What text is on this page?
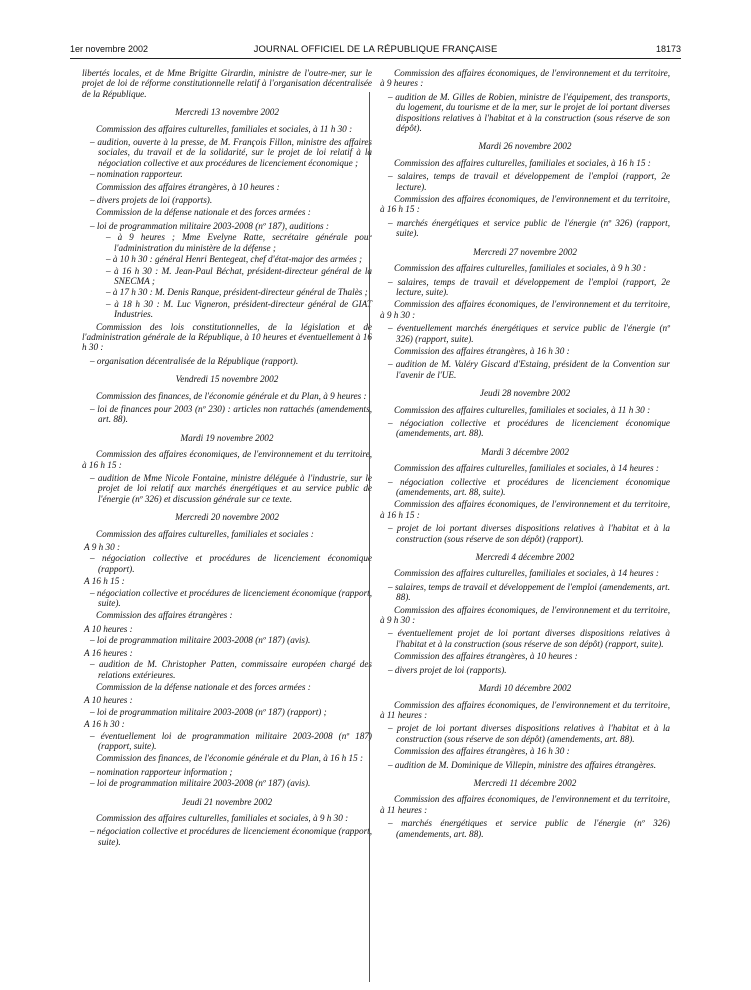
1er novembre 2002	JOURNAL OFFICIEL DE LA RÉPUBLIQUE FRANÇAISE	18173
libertés locales, et de Mme Brigitte Girardin, ministre de l'outre-mer, sur le projet de loi de réforme constitutionnelle relatif à l'organisation décentralisée de la République.
Mercredi 13 novembre 2002
Commission des affaires culturelles, familiales et sociales, à 11 h 30 :
– audition, ouverte à la presse, de M. François Fillon, ministre des affaires sociales, du travail et de la solidarité, sur le projet de loi relatif à la négociation collective et aux procédures de licenciement économique ;
– nomination rapporteur.
Commission des affaires étrangères, à 10 heures :
– divers projets de loi (rapports).
Commission de la défense nationale et des forces armées :
– loi de programmation militaire 2003-2008 (nº 187), auditions :
– à 9 heures ; Mme Evelyne Ratte, secrétaire générale pour l'administration du ministère de la défense ;
– à 10 h 30 : général Henri Bentegeat, chef d'état-major des armées ;
– à 16 h 30 : M. Jean-Paul Béchat, président-directeur général de la SNECMA ;
– à 17 h 30 : M. Denis Ranque, président-directeur général de Thalès ;
– à 18 h 30 : M. Luc Vigneron, président-directeur général de GIAT Industries.
Commission des lois constitutionnelles, de la législation et de l'administration générale de la République, à 10 heures et éventuellement à 16 h 30 :
– organisation décentralisée de la République (rapport).
Vendredi 15 novembre 2002
Commission des finances, de l'économie générale et du Plan, à 9 heures :
– loi de finances pour 2003 (nº 230) : articles non rattachés (amendements, art. 88).
Mardi 19 novembre 2002
Commission des affaires économiques, de l'environnement et du territoire, à 16 h 15 :
– audition de Mme Nicole Fontaine, ministre déléguée à l'industrie, sur le projet de loi relatif aux marchés énergétiques et au service public de l'énergie (nº 326) et discussion générale sur ce texte.
Mercredi 20 novembre 2002
Commission des affaires culturelles, familiales et sociales :
A 9 h 30 :
– négociation collective et procédures de licenciement économique (rapport).
A 16 h 15 :
– négociation collective et procédures de licenciement économique (rapport, suite).
Commission des affaires étrangères :
A 10 heures :
– loi de programmation militaire 2003-2008 (nº 187) (avis).
A 16 heures :
– audition de M. Christopher Patten, commissaire européen chargé des relations extérieures.
Commission de la défense nationale et des forces armées :
A 10 heures :
– loi de programmation militaire 2003-2008 (nº 187) (rapport) ;
A 16 h 30 :
– éventuellement loi de programmation militaire 2003-2008 (nº 187) (rapport, suite).
Commission des finances, de l'économie générale et du Plan, à 16 h 15 :
– nomination rapporteur information ;
– loi de programmation militaire 2003-2008 (nº 187) (avis).
Jeudi 21 novembre 2002
Commission des affaires culturelles, familiales et sociales, à 9 h 30 :
– négociation collective et procédures de licenciement économique (rapport, suite).
Commission des affaires économiques, de l'environnement et du territoire, à 9 heures :
– audition de M. Gilles de Robien, ministre de l'équipement, des transports, du logement, du tourisme et de la mer, sur le projet de loi portant diverses dispositions relatives à l'habitat et à la construction (sous réserve de son dépôt).
Mardi 26 novembre 2002
Commission des affaires culturelles, familiales et sociales, à 16 h 15 :
– salaires, temps de travail et développement de l'emploi (rapport, 2e lecture).
Commission des affaires économiques, de l'environnement et du territoire, à 16 h 15 :
– marchés énergétiques et service public de l'énergie (nº 326) (rapport, suite).
Mercredi 27 novembre 2002
Commission des affaires culturelles, familiales et sociales, à 9 h 30 :
– salaires, temps de travail et développement de l'emploi (rapport, 2e lecture, suite).
Commission des affaires économiques, de l'environnement et du territoire, à 9 h 30 :
– éventuellement marchés énergétiques et service public de l'énergie (nº 326) (rapport, suite).
Commission des affaires étrangères, à 16 h 30 :
– audition de M. Valéry Giscard d'Estaing, président de la Convention sur l'avenir de l'UE.
Jeudi 28 novembre 2002
Commission des affaires culturelles, familiales et sociales, à 11 h 30 :
– négociation collective et procédures de licenciement économique (amendements, art. 88).
Mardi 3 décembre 2002
Commission des affaires culturelles, familiales et sociales, à 14 heures :
– négociation collective et procédures de licenciement économique (amendements, art. 88, suite).
Commission des affaires économiques, de l'environnement et du territoire, à 16 h 15 :
– projet de loi portant diverses dispositions relatives à l'habitat et à la construction (sous réserve de son dépôt) (rapport).
Mercredi 4 décembre 2002
Commission des affaires culturelles, familiales et sociales, à 14 heures :
– salaires, temps de travail et développement de l'emploi (amendements, art. 88).
Commission des affaires économiques, de l'environnement et du territoire, à 9 h 30 :
– éventuellement projet de loi portant diverses dispositions relatives à l'habitat et à la construction (sous réserve de son dépôt) (rapport, suite).
Commission des affaires étrangères, à 10 heures :
– divers projet de loi (rapports).
Mardi 10 décembre 2002
Commission des affaires économiques, de l'environnement et du territoire, à 11 heures :
– projet de loi portant diverses dispositions relatives à l'habitat et à la construction (sous réserve de son dépôt) (amendements, art. 88).
Commission des affaires étrangères, à 16 h 30 :
– audition de M. Dominique de Villepin, ministre des affaires étrangères.
Mercredi 11 décembre 2002
Commission des affaires économiques, de l'environnement et du territoire, à 11 heures :
– marchés énergétiques et service public de l'énergie (nº 326) (amendements, art. 88).
